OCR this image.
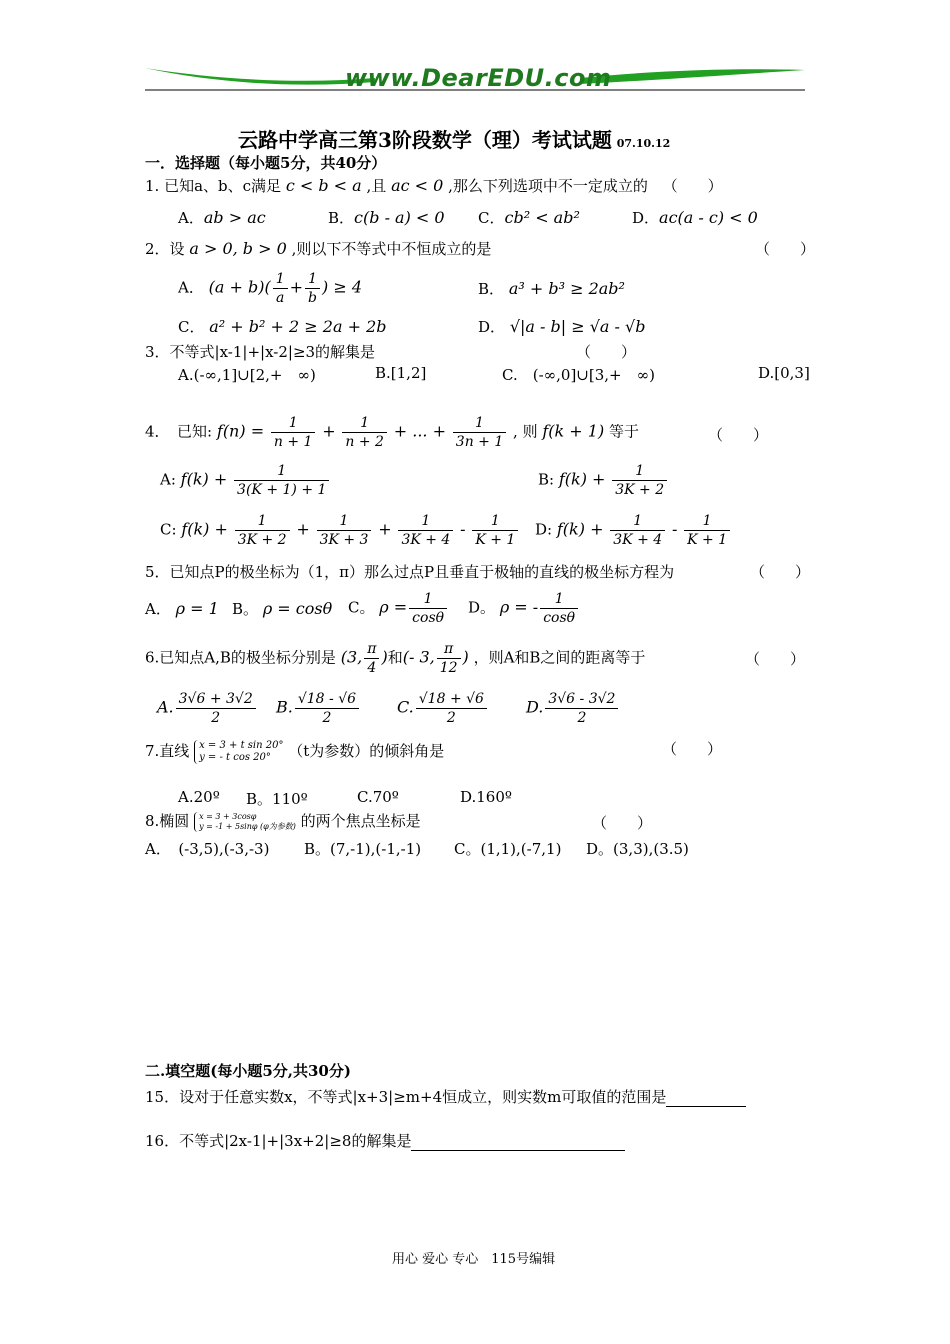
www.DearEDU.com
云路中学高三第3阶段数学（理）考试试题 07.10.12
一．选择题（每小题5分，共40分）
1. 已知a、b、c满足 c < b < a ,且 ac < 0 ,那么下列选项中不一定成立的 （　　）
A．ab > ac	B．c(b - a) < 0 C．cb² < ab²	D．ac(a - c) < 0
2．设 a > 0, b > 0 ,则以下不等式中不恒成立的是	（　　）
A． $(a + b)( \frac{1}{a} + \frac{1}{b}$ ) ≥ 4	B． a³ + b³ ≥ 2ab²
C． a² + b² + 2 ≥ 2a + 2b	D． √|a - b| ≥ √a - √b
3．不等式|x-1|+|x-2|≥3的解集是	（　　）
A.(-∞,1]∪[2,+　∞)	B.[1,2]	C.　(-∞,0]∪[3,+　∞)	D.[0,3]
4．　已知: $f(n) = \frac{1}{n + 1} + \frac{1}{n + 2}$ + ... + $\frac{1}{3n + 1}$ , 则 f(k + 1) 等于	（　　）
A: $f(k) + \frac{1}{3(K + 1) + 1}$	B: $f(k) + \frac{1}{3K + 2}$
C: $f(k) + \frac{1}{3K + 2} + \frac{1}{3K + 3} + \frac{1}{3K + 4} - \frac{1}{K + 1} D$: $f(k) + \frac{1}{3K + 4} - \frac{1}{K + 1}$
5．已知点P的极坐标为（1，π）那么过点P且垂直于极轴的直线的极坐标方程为	（　　）
A． ρ = 1 B。 ρ = cosθ C。 $\rho = \frac{1}{\cos\theta}$ D。 ρ = - $\frac{1}{\cos\theta}$
6.已知点A,B的极坐标分别是 (3, $\frac{\pi}{4}$ )和(- 3, $\frac{\pi}{12}$ ) ，则A和B之间的距离等于	（　　）
A. $\frac{3√6 + 3√2}{2} B$. $\frac{√18 - √6}{2} C$. $\frac{√18 + √6}{2} D$. $\frac{3√6 - 3√2}{2}$
7.直线 x = 3 + t sin 20°
y = - t cos 20°	（t为参数）的倾斜角是	（　　）
A.20º B。110º	C.70º	D.160º
8.椭圆 x = 3 + 3cosφ
y = -1 + 5sinφ (φ为参数) 的两个焦点坐标是	（　　）
A．　(-3,5),(-3,-3) B。(7,-1),(-1,-1) C。(1,1),(-7,1) D。(3,3),(3.5)
二.填空题(每小题5分,共30分)
15．设对于任意实数x，不等式|x+3|≥m+4恒成立，则实数m可取值的范围是
16．不等式|2x-1|+|3x+2|≥8的解集是
用心 爱心 专心　115号编辑
